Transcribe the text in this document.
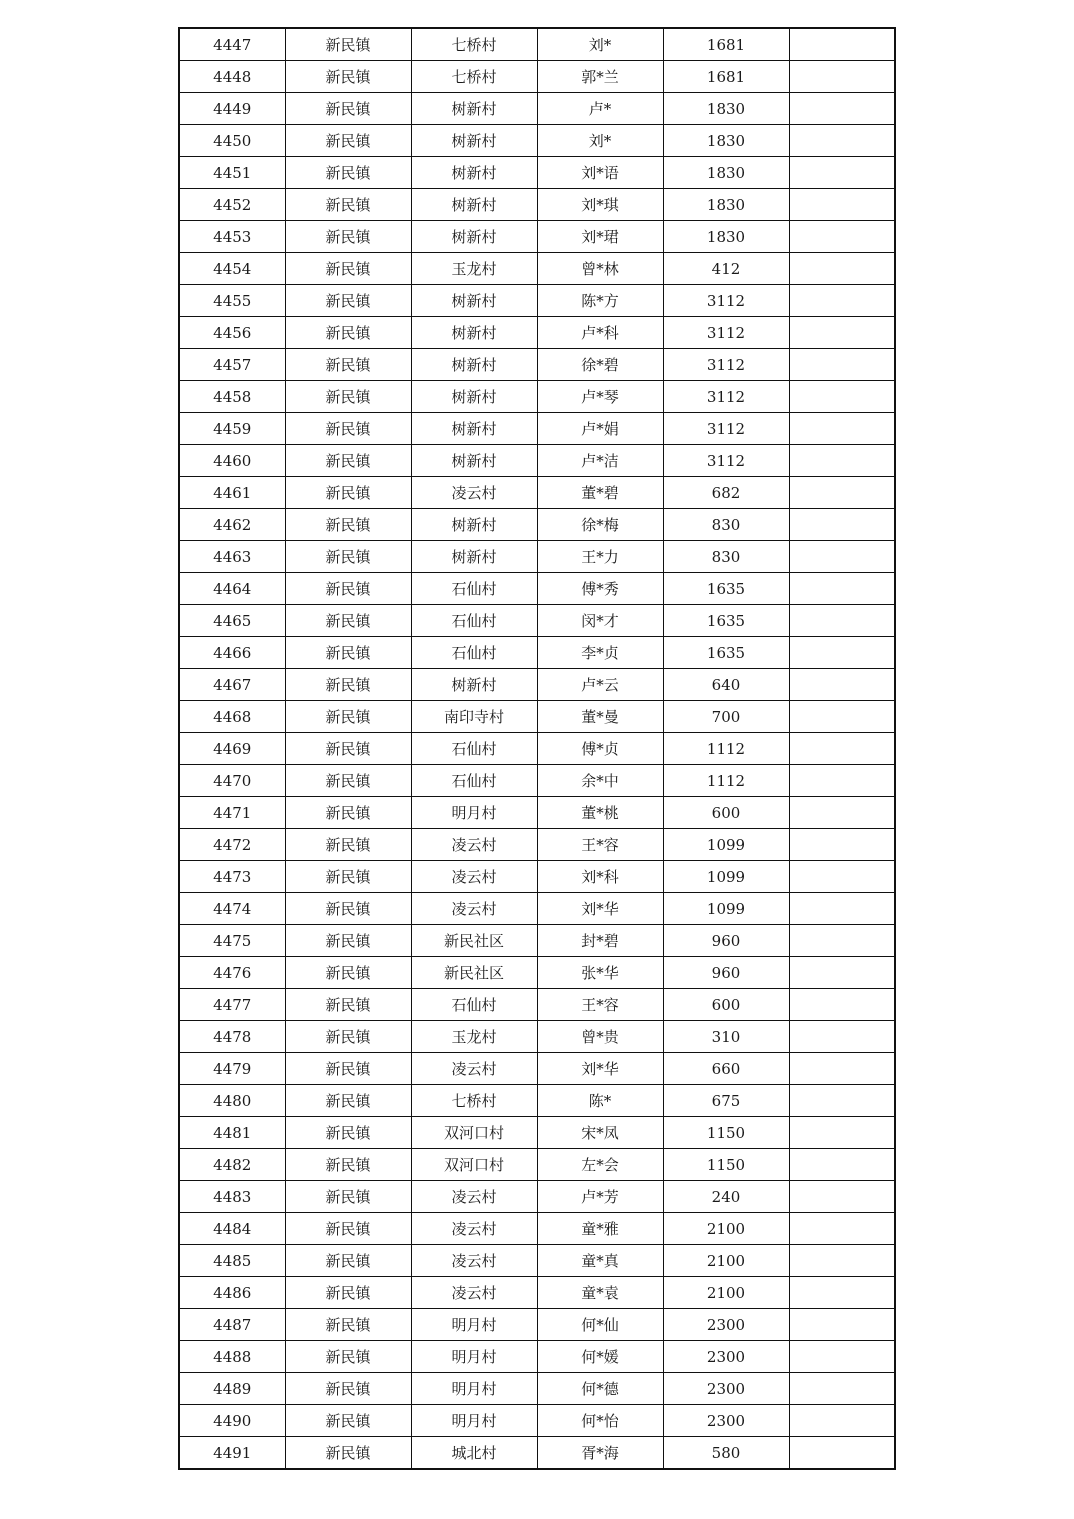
4447	新民镇	七桥村	刘*	1681	
4448	新民镇	七桥村	郭*兰	1681	
4449	新民镇	树新村	卢*	1830	
4450	新民镇	树新村	刘*	1830	
4451	新民镇	树新村	刘*语	1830	
4452	新民镇	树新村	刘*琪	1830	
4453	新民镇	树新村	刘*珺	1830	
4454	新民镇	玉龙村	曾*林	412	
4455	新民镇	树新村	陈*方	3112	
4456	新民镇	树新村	卢*科	3112	
4457	新民镇	树新村	徐*碧	3112	
4458	新民镇	树新村	卢*琴	3112	
4459	新民镇	树新村	卢*娟	3112	
4460	新民镇	树新村	卢*洁	3112	
4461	新民镇	凌云村	董*碧	682	
4462	新民镇	树新村	徐*梅	830	
4463	新民镇	树新村	王*力	830	
4464	新民镇	石仙村	傅*秀	1635	
4465	新民镇	石仙村	闵*才	1635	
4466	新民镇	石仙村	李*贞	1635	
4467	新民镇	树新村	卢*云	640	
4468	新民镇	南印寺村	董*曼	700	
4469	新民镇	石仙村	傅*贞	1112	
4470	新民镇	石仙村	余*中	1112	
4471	新民镇	明月村	董*桃	600	
4472	新民镇	凌云村	王*容	1099	
4473	新民镇	凌云村	刘*科	1099	
4474	新民镇	凌云村	刘*华	1099	
4475	新民镇	新民社区	封*碧	960	
4476	新民镇	新民社区	张*华	960	
4477	新民镇	石仙村	王*容	600	
4478	新民镇	玉龙村	曾*贵	310	
4479	新民镇	凌云村	刘*华	660	
4480	新民镇	七桥村	陈*	675	
4481	新民镇	双河口村	宋*凤	1150	
4482	新民镇	双河口村	左*会	1150	
4483	新民镇	凌云村	卢*芳	240	
4484	新民镇	凌云村	童*雅	2100	
4485	新民镇	凌云村	童*真	2100	
4486	新民镇	凌云村	童*袁	2100	
4487	新民镇	明月村	何*仙	2300	
4488	新民镇	明月村	何*媛	2300	
4489	新民镇	明月村	何*德	2300	
4490	新民镇	明月村	何*怡	2300	
4491	新民镇	城北村	胥*海	580	
